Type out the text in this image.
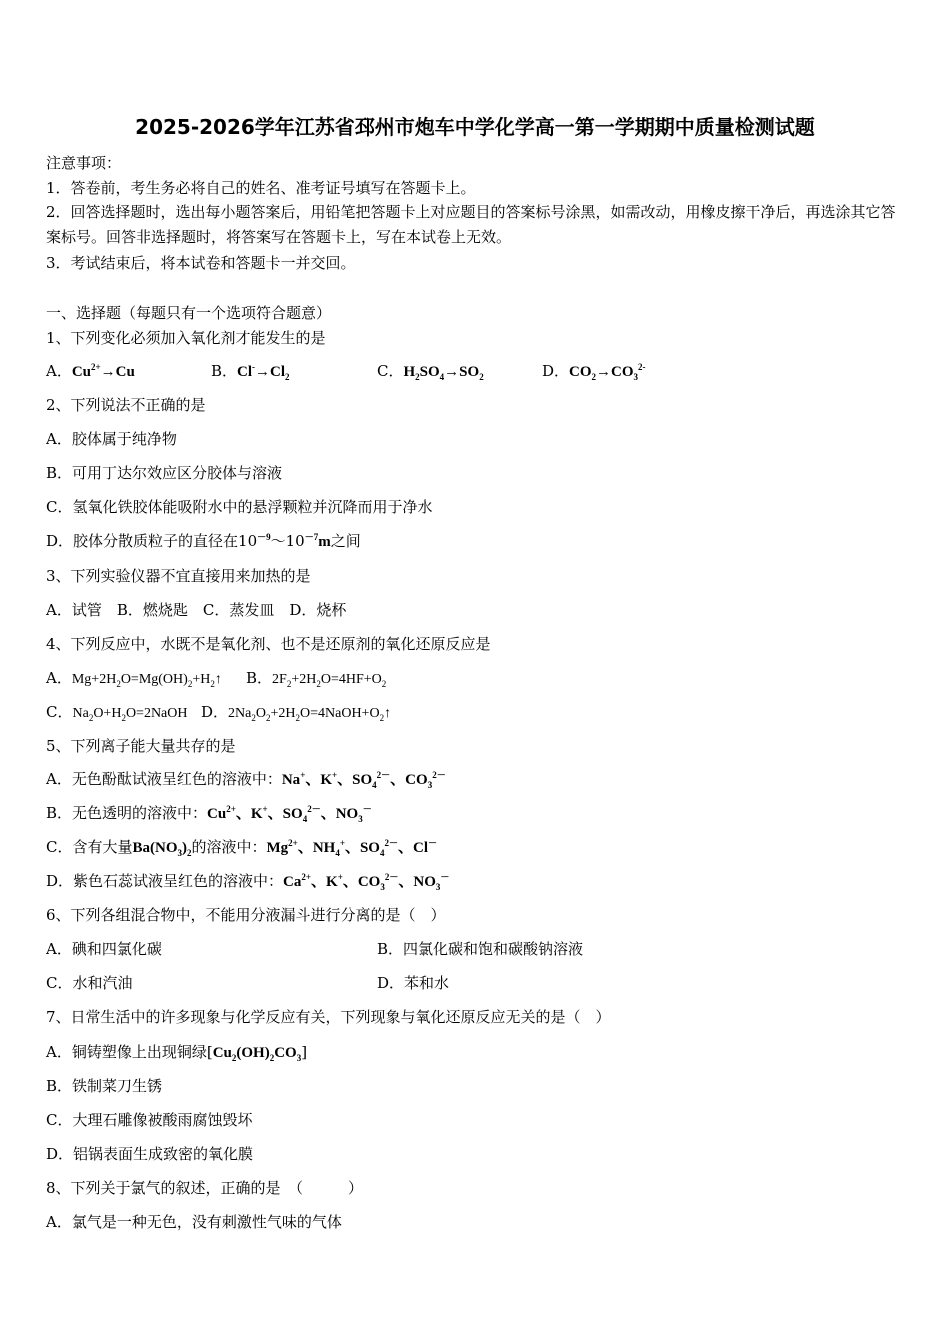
2025-2026学年江苏省邳州市炮车中学化学高一第一学期期中质量检测试题
注意事项：
1．答卷前，考生务必将自己的姓名、准考证号填写在答题卡上。
2．回答选择题时，选出每小题答案后，用铅笔把答题卡上对应题目的答案标号涂黑，如需改动，用橡皮擦干净后，再选涂其它答案标号。回答非选择题时，将答案写在答题卡上，写在本试卷上无效。
3．考试结束后，将本试卷和答题卡一并交回。
一、选择题（每题只有一个选项符合题意）
1、下列变化必须加入氧化剂才能发生的是
A．$Cu^{2+}\to Cu$	B．$Cl^-\to Cl_2$	C．$H_2SO_4\to SO_2$	D．$CO_2\to CO_3^{2-}$
2、下列说法不正确的是
A．胶体属于纯净物
B．可用丁达尔效应区分胶体与溶液
C．氢氧化铁胶体能吸附水中的悬浮颗粒并沉降而用于净水
D．胶体分散质粒子的直径在$10^{-9}\sim 10^{-7}m$之间
3、下列实验仪器不宜直接用来加热的是
A．试管　B．燃烧匙　C．蒸发皿　D．烧杯
4、下列反应中，水既不是氧化剂、也不是还原剂的氧化还原反应是
A．$Mg+2H_2O=Mg(OH)_2+H_2↑$ B．$2F_2+2H_2O=4HF+O_2$
C．$Na_2O+H_2O=2NaOH$ D．$2Na_2O_2+2H_2O=4NaOH+O_2↑$
5、下列离子能大量共存的是
A．无色酚酞试液呈红色的溶液中：Na+、K+、$SO_4^{2-}$、$CO_3^{2-}$
B．无色透明的溶液中：$Cu^{2+}$、K+、$SO_4^{2-}$、$NO_3^-$
C．含有大量$Ba(NO_3)_2$的溶液中：$Mg^{2+}$、$NH_4^+$、$SO_4^{2-}$、Cl－
D．紫色石蕊试液呈红色的溶液中：$Ca^{2+}$、K+、$CO_3^{2-}$、$NO_3^-$
6、下列各组混合物中，不能用分液漏斗进行分离的是（　）
A．碘和四氯化碳	B．四氯化碳和饱和碳酸钠溶液
C．水和汽油	D．苯和水
7、日常生活中的许多现象与化学反应有关，下列现象与氧化还原反应无关的是（　）
A．铜铸塑像上出现铜绿$[Cu_2(OH)_2CO_3]$
B．铁制菜刀生锈
C．大理石雕像被酸雨腐蚀毁坏
D．铝锅表面生成致密的氧化膜
8、下列关于氯气的叙述，正确的是　（　　　）
A．氯气是一种无色，没有刺激性气味的气体
